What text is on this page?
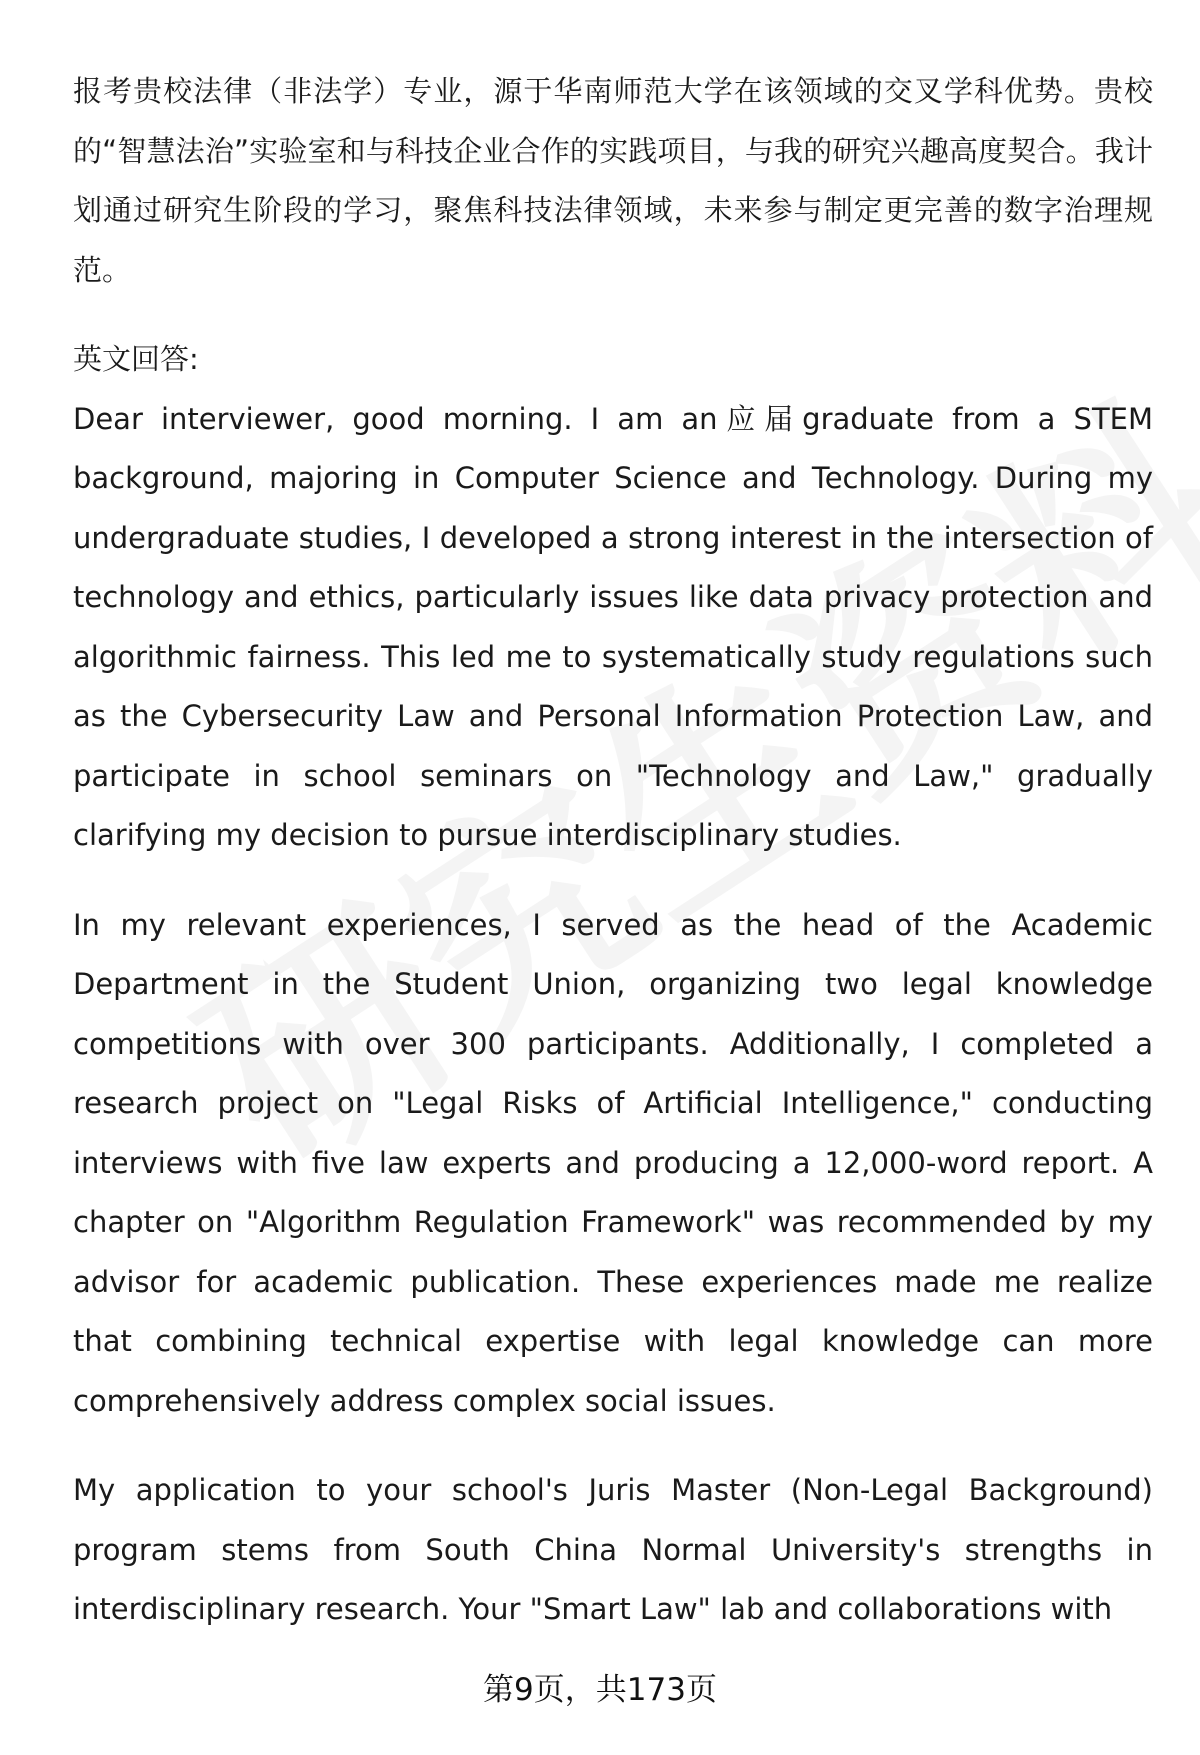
报考贵校法律（非法学）专业，源于华南师范大学在该领域的交叉学科优势。贵校的“智慧法治”实验室和与科技企业合作的实践项目，与我的研究兴趣高度契合。我计划通过研究生阶段的学习，聚焦科技法律领域，未来参与制定更完善的数字治理规范。

英文回答:

Dear interviewer, good morning. I am an应届graduate from a STEM background, majoring in Computer Science and Technology. During my undergraduate studies, I developed a strong interest in the intersection of technology and ethics, particularly issues like data privacy protection and algorithmic fairness. This led me to systematically study regulations such as the Cybersecurity Law and Personal Information Protection Law, and participate in school seminars on "Technology and Law," gradually clarifying my decision to pursue interdisciplinary studies.

In my relevant experiences, I served as the head of the Academic Department in the Student Union, organizing two legal knowledge competitions with over 300 participants. Additionally, I completed a research project on "Legal Risks of Artificial Intelligence," conducting interviews with five law experts and producing a 12,000-word report. A chapter on "Algorithm Regulation Framework" was recommended by my advisor for academic publication. These experiences made me realize that combining technical expertise with legal knowledge can more comprehensively address complex social issues.

My application to your school's Juris Master (Non-Legal Background) program stems from South China Normal University's strengths in interdisciplinary research. Your "Smart Law" lab and collaborations with

第9页，共173页
